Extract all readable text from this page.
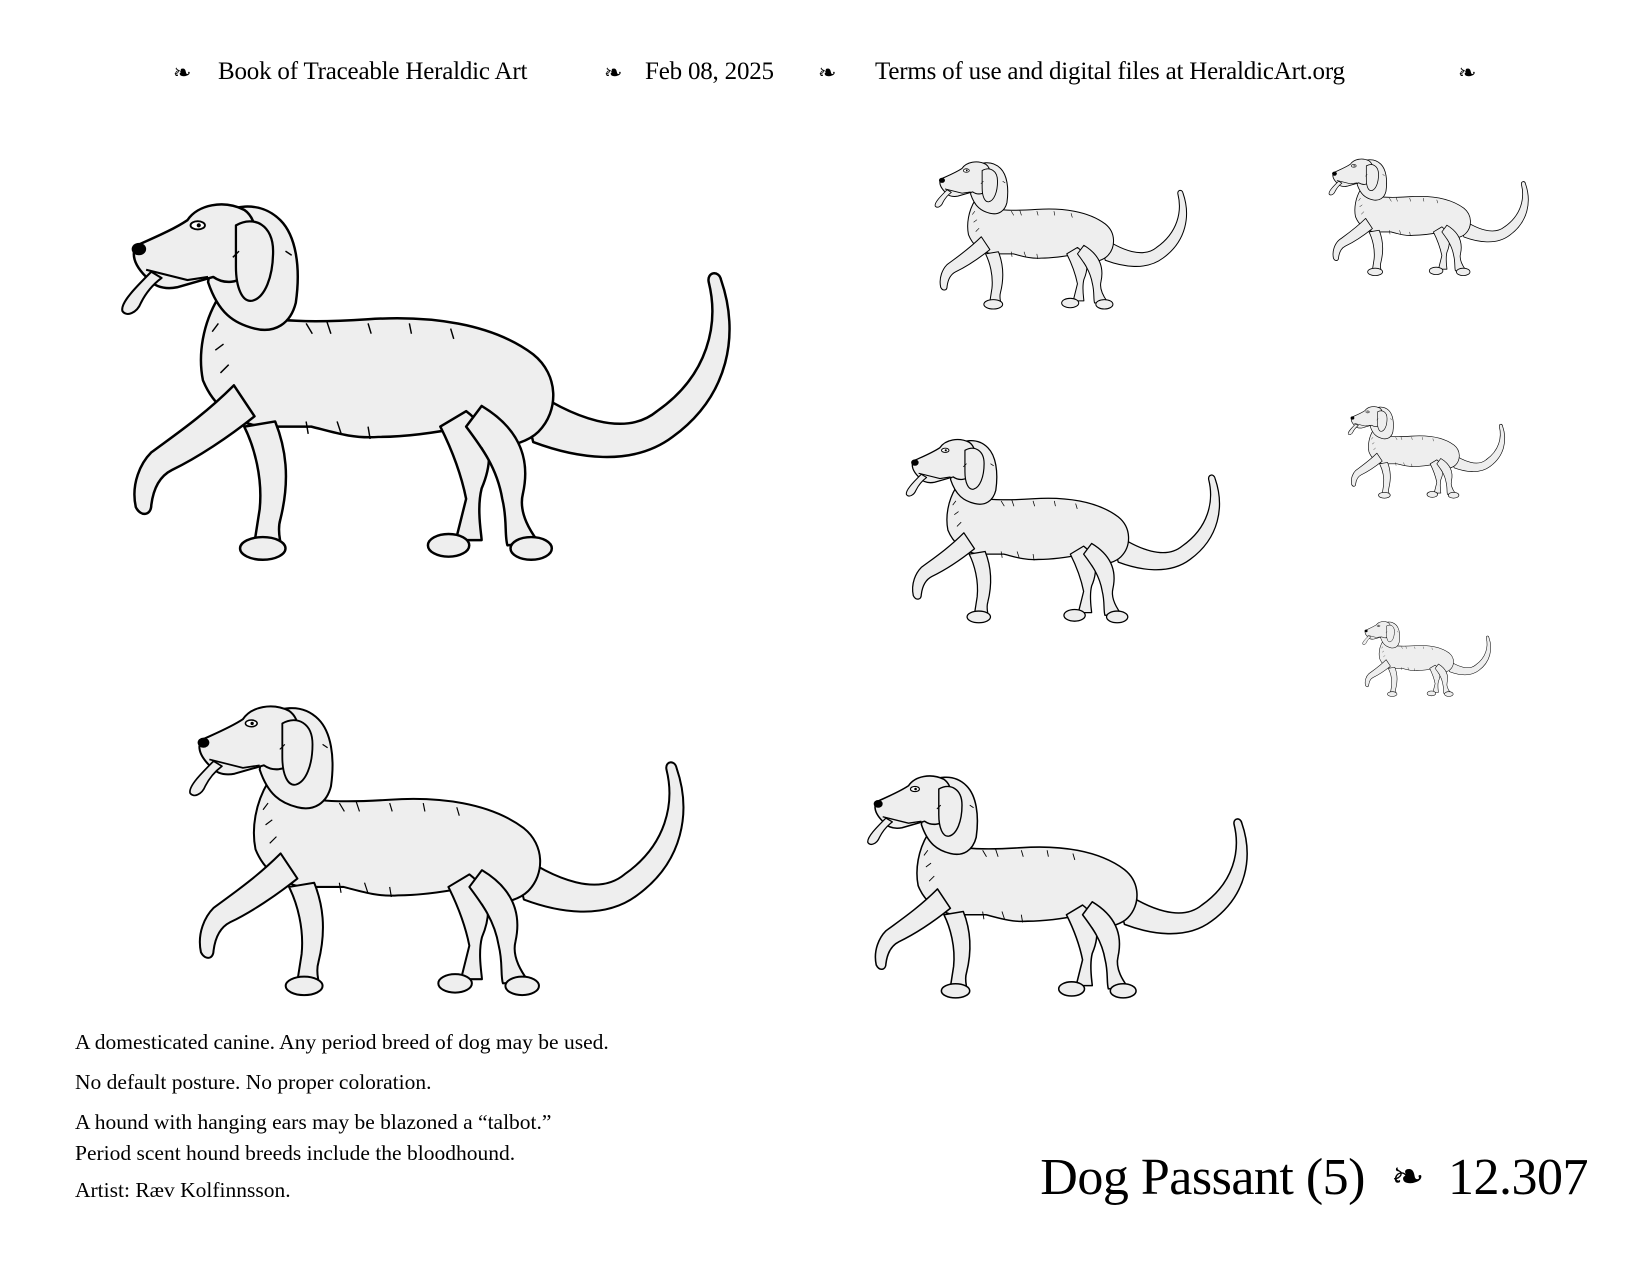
❧ Book of Traceable Heraldic Art	❧ Feb 08, 2025 ❧ Terms of use and digital files at HeraldicArt.org	❧

A domesticated canine. Any period breed of dog may be used.

No default posture. No proper coloration.

A hound with hanging ears may be blazoned a “talbot.”
Period scent hound breeds include the bloodhound.

Artist: Ræv Kolfinnsson.	Dog Passant (5) ❧ 12.307
